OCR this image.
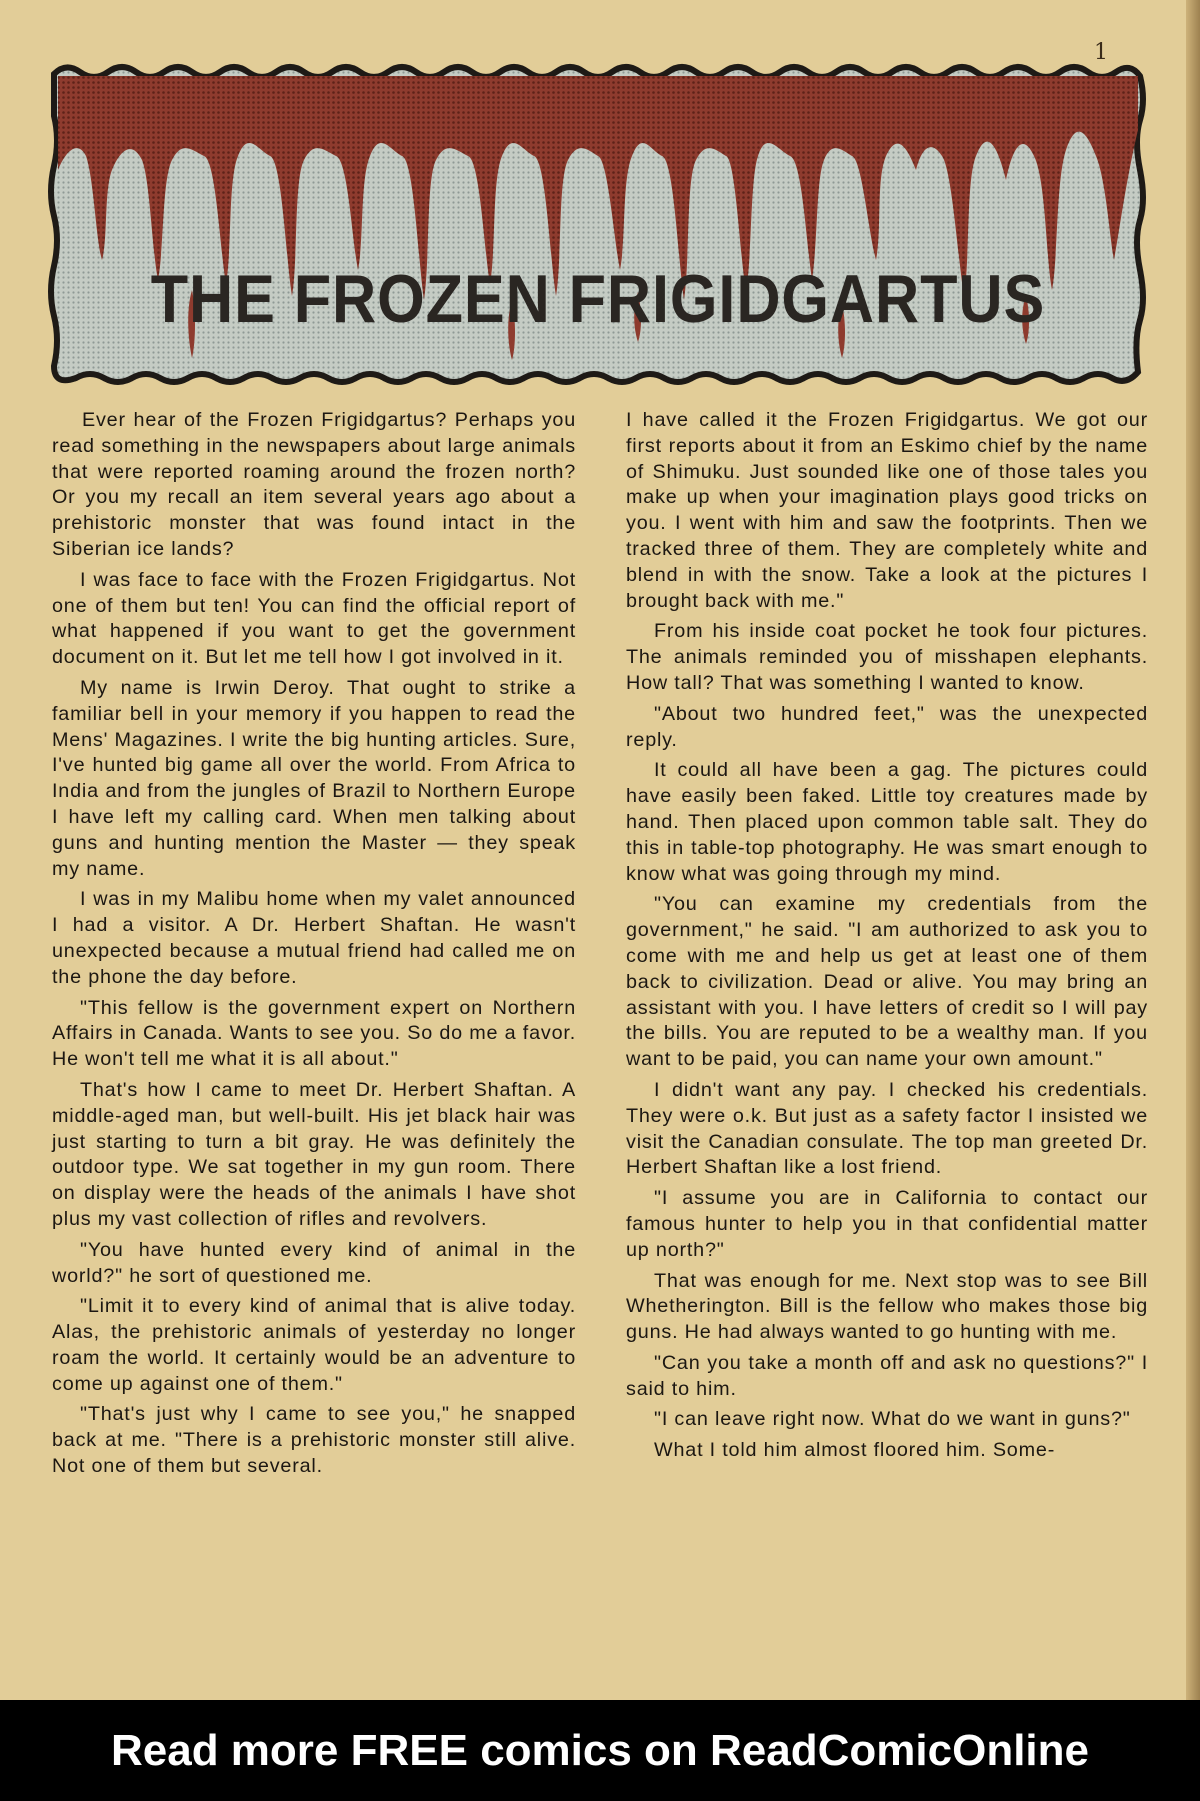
1
THE FROZEN FRIGIDGARTUS

Ever hear of the Frozen Frigidgartus? Perhaps you read something in the newspapers about large animals that were reported roaming around the frozen north? Or you my recall an item several years ago about a prehistoric monster that was found intact in the Siberian ice lands?

I was face to face with the Frozen Frigidgartus. Not one of them but ten! You can find the official report of what happened if you want to get the government document on it. But let me tell how I got involved in it.

My name is Irwin Deroy. That ought to strike a familiar bell in your memory if you happen to read the Mens' Magazines. I write the big hunting articles. Sure, I've hunted big game all over the world. From Africa to India and from the jungles of Brazil to Northern Europe I have left my calling card. When men talking about guns and hunting mention the Master — they speak my name.

I was in my Malibu home when my valet announced I had a visitor. A Dr. Herbert Shaftan. He wasn't unexpected because a mutual friend had called me on the phone the day before.

"This fellow is the government expert on Northern Affairs in Canada. Wants to see you. So do me a favor. He won't tell me what it is all about."

That's how I came to meet Dr. Herbert Shaftan. A middle-aged man, but well-built. His jet black hair was just starting to turn a bit gray. He was definitely the outdoor type. We sat together in my gun room. There on display were the heads of the animals I have shot plus my vast collection of rifles and revolvers.

"You have hunted every kind of animal in the world?" he sort of questioned me.

"Limit it to every kind of animal that is alive today. Alas, the prehistoric animals of yesterday no longer roam the world. It certainly would be an adventure to come up against one of them."

"That's just why I came to see you," he snapped back at me. "There is a prehistoric monster still alive. Not one of them but several.

I have called it the Frozen Frigidgartus. We got our first reports about it from an Eskimo chief by the name of Shimuku. Just sounded like one of those tales you make up when your imagination plays good tricks on you. I went with him and saw the footprints. Then we tracked three of them. They are completely white and blend in with the snow. Take a look at the pictures I brought back with me."

From his inside coat pocket he took four pictures. The animals reminded you of misshapen elephants. How tall? That was something I wanted to know.

"About two hundred feet," was the unexpected reply.

It could all have been a gag. The pictures could have easily been faked. Little toy creatures made by hand. Then placed upon common table salt. They do this in table-top photography. He was smart enough to know what was going through my mind.

"You can examine my credentials from the government," he said. "I am authorized to ask you to come with me and help us get at least one of them back to civilization. Dead or alive. You may bring an assistant with you. I have letters of credit so I will pay the bills. You are reputed to be a wealthy man. If you want to be paid, you can name your own amount."

I didn't want any pay. I checked his credentials. They were o.k. But just as a safety factor I insisted we visit the Canadian consulate. The top man greeted Dr. Herbert Shaftan like a lost friend.

"I assume you are in California to contact our famous hunter to help you in that confidential matter up north?"

That was enough for me. Next stop was to see Bill Whetherington. Bill is the fellow who makes those big guns. He had always wanted to go hunting with me.

"Can you take a month off and ask no questions?" I said to him.

"I can leave right now. What do we want in guns?"

What I told him almost floored him. Some-

Read more FREE comics on ReadComicOnline
